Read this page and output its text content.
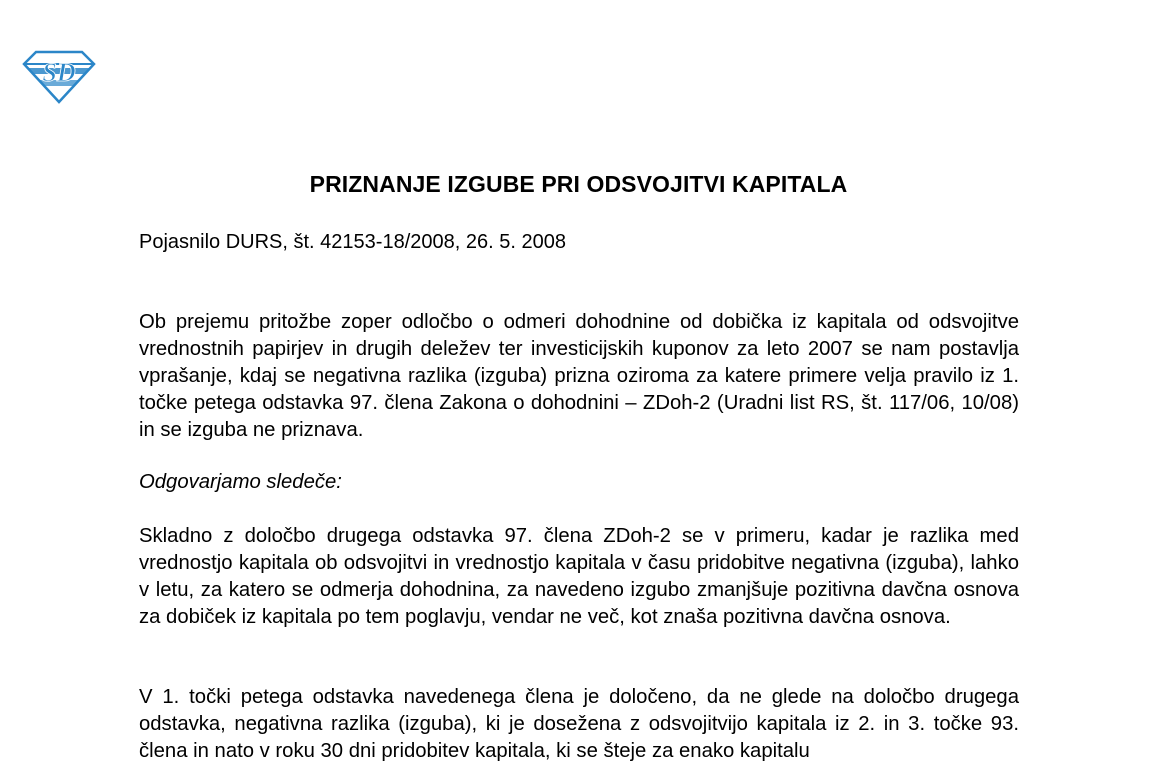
SD
PRIZNANJE IZGUBE PRI ODSVOJITVI KAPITALA
Pojasnilo DURS, št. 42153-18/2008, 26. 5. 2008

Ob prejemu pritožbe zoper odločbo o odmeri dohodnine od dobička iz kapitala od odsvojitve vrednostnih papirjev in drugih deležev ter investicijskih kuponov za leto 2007 se nam postavlja vprašanje, kdaj se negativna razlika (izguba) prizna oziroma za katere primere velja pravilo iz 1. točke petega odstavka 97. člena Zakona o dohodnini – ZDoh-2 (Uradni list RS, št. 117/06, 10/08) in se izguba ne priznava.

Odgovarjamo sledeče:

Skladno z določbo drugega odstavka 97. člena ZDoh-2 se v primeru, kadar je razlika med vrednostjo kapitala ob odsvojitvi in vrednostjo kapitala v času pridobitve negativna (izguba), lahko v letu, za katero se odmerja dohodnina, za navedeno izgubo zmanjšuje pozitivna davčna osnova za dobiček iz kapitala po tem poglavju, vendar ne več, kot znaša pozitivna davčna osnova.

V 1. točki petega odstavka navedenega člena je določeno, da ne glede na določbo drugega odstavka, negativna razlika (izguba), ki je dosežena z odsvojitvijo kapitala iz 2. in 3. točke 93. člena in nato v roku 30 dni pridobitev kapitala, ki se šteje za enako kapitalu
